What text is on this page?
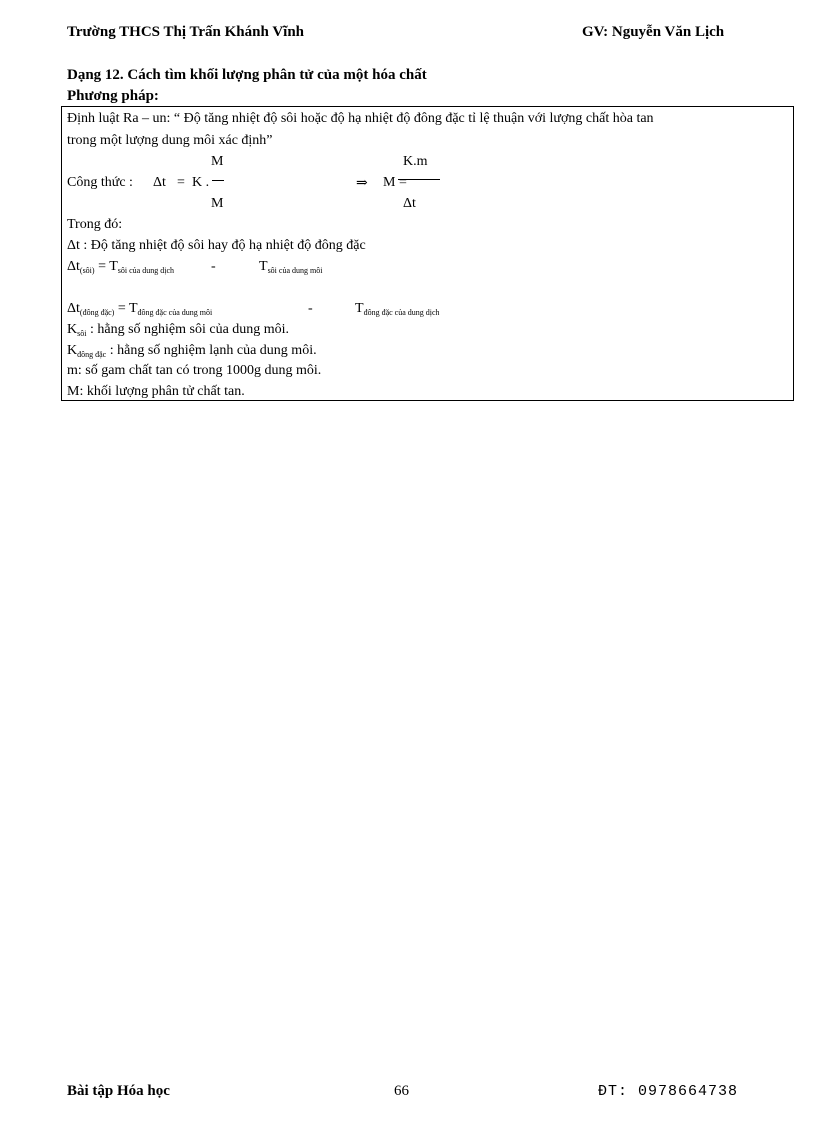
Trường THCS Thị Trấn Khánh Vĩnh	GV: Nguyễn Văn Lịch
Dạng 12. Cách tìm khối lượng phân tử của một hóa chất
Phương pháp:
Định luật Ra – un: “ Độ tăng nhiệt độ sôi hoặc độ hạ nhiệt độ đông đặc tỉ lệ thuận với lượng chất hòa tan
trong một lượng dung môi xác định”
M
Công thức : Δt = K .
M
⇒ M =
K.m
Δt
Trong đó:
Δt : Độ tăng nhiệt độ sôi hay độ hạ nhiệt độ đông đặc
$\Delta t_{(sôi)} = T_{sôi của dung dịch}$	-	$T_{sôi của dung môi}$
$\Delta t_{(đông đặc)} = T_{đông đặc của dung môi}$	-	$T_{đông đặc của dung dịch}$
$K_{sôi}$ : hằng số nghiệm sôi của dung môi.
$K_{đông đặc}$ : hằng số nghiệm lạnh của dung môi.
m: số gam chất tan có trong 1000g dung môi.
M: khối lượng phân tử chất tan.
Bài tập Hóa học	66	ĐT: 0978664738
